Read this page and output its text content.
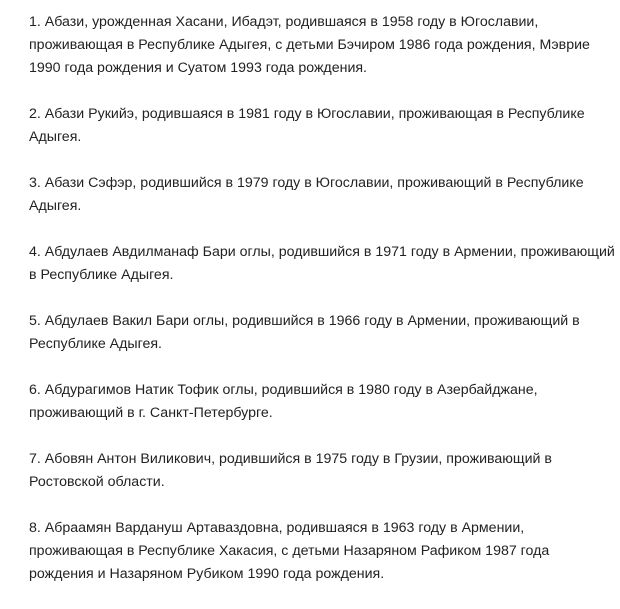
1. Абази, урожденная Хасани, Ибадэт, родившаяся в 1958 году в Югославии,
проживающая в Республике Адыгея, с детьми Бэчиром 1986 года рождения, Мэврие
1990 года рождения и Суатом 1993 года рождения.
2. Абази Рукийэ, родившаяся в 1981 году в Югославии, проживающая в Республике
Адыгея.
3. Абази Сэфэр, родившийся в 1979 году в Югославии, проживающий в Республике
Адыгея.
4. Абдулаев Авдилманаф Бари оглы, родившийся в 1971 году в Армении, проживающий
в Республике Адыгея.
5. Абдулаев Вакил Бари оглы, родившийся в 1966 году в Армении, проживающий в
Республике Адыгея.
6. Абдурагимов Натик Тофик оглы, родившийся в 1980 году в Азербайджане,
проживающий в г. Санкт-Петербурге.
7. Абовян Антон Виликович, родившийся в 1975 году в Грузии, проживающий в
Ростовской области.
8. Абраамян Вардануш Артаваздовна, родившаяся в 1963 году в Армении,
проживающая в Республике Хакасия, с детьми Назаряном Рафиком 1987 года
рождения и Назаряном Рубиком 1990 года рождения.
